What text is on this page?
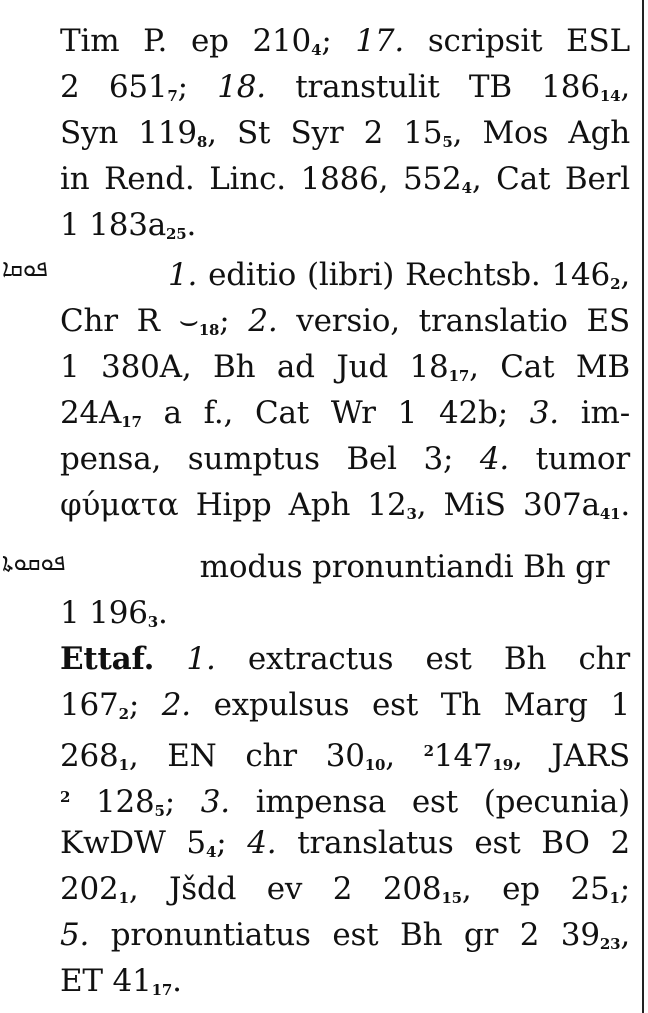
Tim P. ep $210_4$; 17. scripsit ESL
2 $651_7$; 18. transtulit TB $186_{14}$,
Syn $119_8$, St Syr 2 $15_5$, Mos Agh
in Rend. Linc. 1886, $552_4$, Cat Berl
1 $183a_{25}$.
ܦܘܩܐ	1. editio (libri) Rechtsb. $146_2$,
Chr R $⌣_{18}$; 2. versio, translatio ES
1 380A, Bh ad Jud $18_{17}$, Cat MB
$24A_{17}$ a f., Cat Wr 1 42b; 3. im-
pensa, sumptus Bel 3; 4. tumor
φύματα Hipp Aph $12_3$, MiS $307a_{41}$.
ܦܘܩܘܬܐ	modus pronuntiandi Bh gr
1 $196_3$.
Ettaf. 1. extractus est Bh chr
$167_2$; 2. expulsus est Th Marg 1
$268_1$, EN chr $30_{10}$, $^2147_{19}$, JARS
$^2$ $128_5$; 3. impensa est (pecunia)
KwDW $5_4$; 4. translatus est BO 2
$202_1$, Jšdd ev 2 $208_{15}$, ep $25_1$;
5. pronuntiatus est Bh gr 2 $39_{23}$,
ET $41_{17}$.
